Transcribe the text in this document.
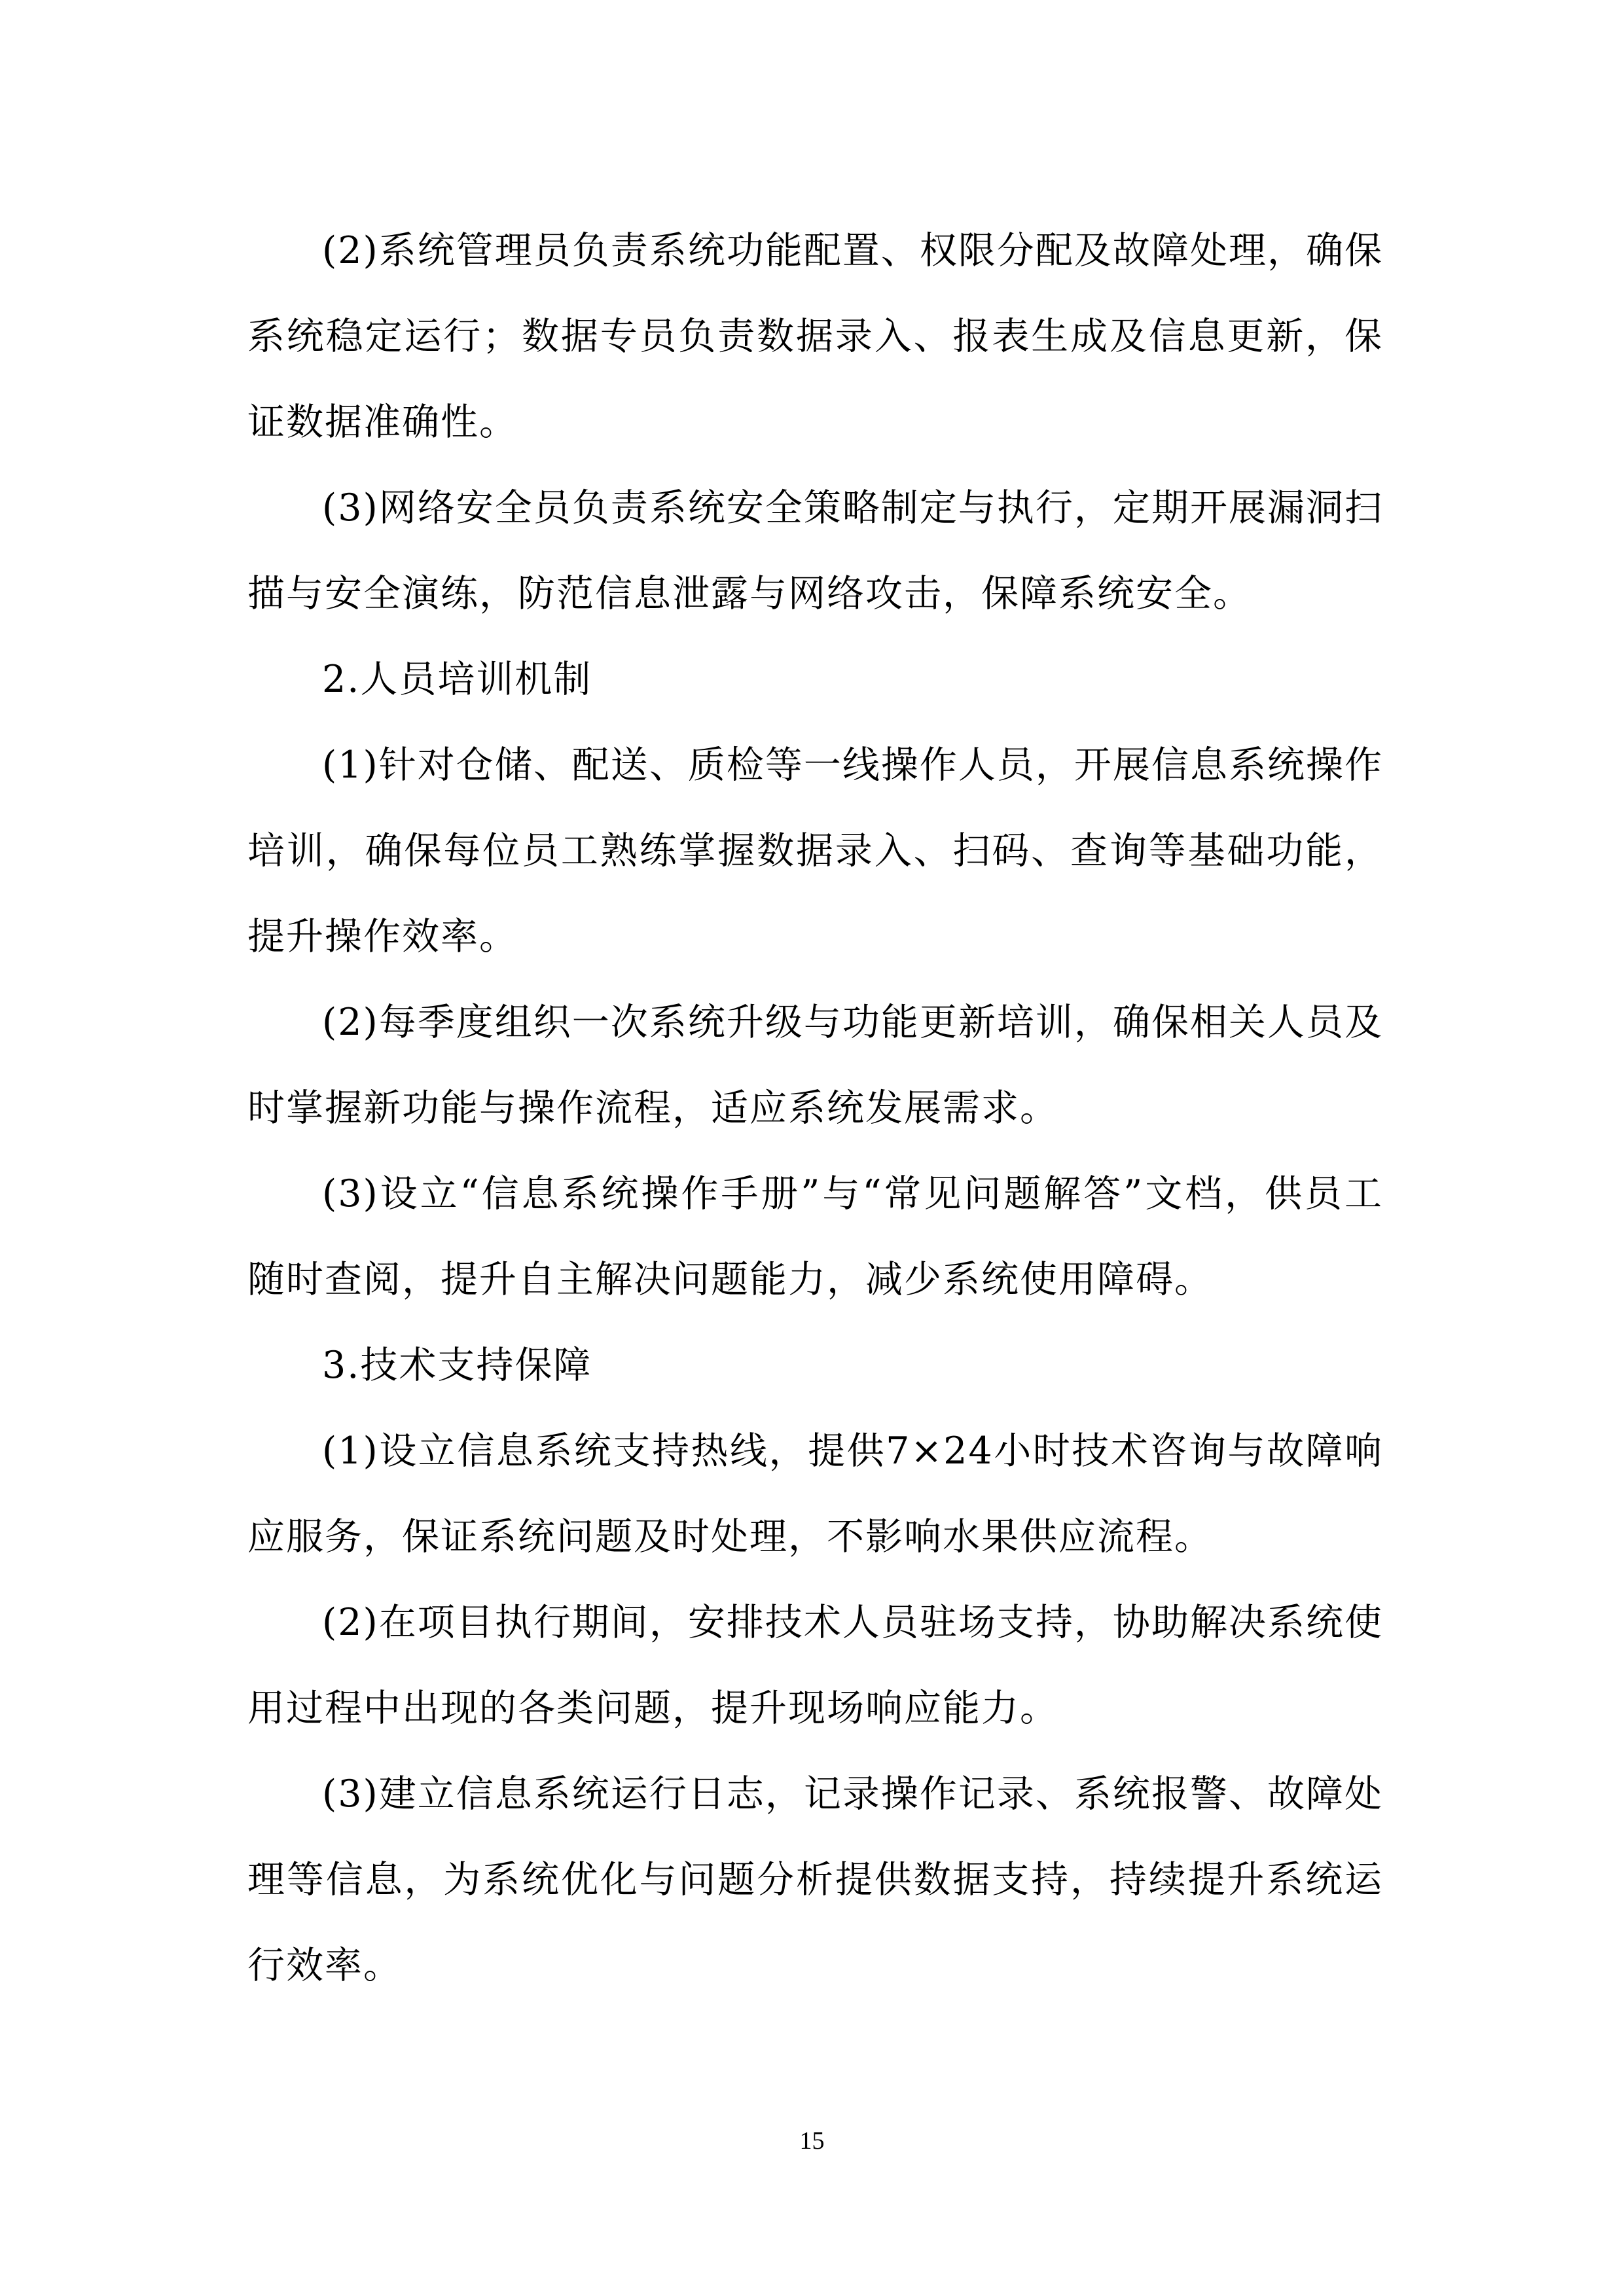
(2)系统管理员负责系统功能配置、权限分配及故障处理，确保系统稳定运行；数据专员负责数据录入、报表生成及信息更新，保证数据准确性。

(3)网络安全员负责系统安全策略制定与执行，定期开展漏洞扫描与安全演练，防范信息泄露与网络攻击，保障系统安全。

2.人员培训机制

(1)针对仓储、配送、质检等一线操作人员，开展信息系统操作培训，确保每位员工熟练掌握数据录入、扫码、查询等基础功能，提升操作效率。

(2)每季度组织一次系统升级与功能更新培训，确保相关人员及时掌握新功能与操作流程，适应系统发展需求。

(3)设立“信息系统操作手册”与“常见问题解答”文档，供员工随时查阅，提升自主解决问题能力，减少系统使用障碍。

3.技术支持保障

(1)设立信息系统支持热线，提供7×24小时技术咨询与故障响应服务，保证系统问题及时处理，不影响水果供应流程。

(2)在项目执行期间，安排技术人员驻场支持，协助解决系统使用过程中出现的各类问题，提升现场响应能力。

(3)建立信息系统运行日志，记录操作记录、系统报警、故障处理等信息，为系统优化与问题分析提供数据支持，持续提升系统运行效率。

15
